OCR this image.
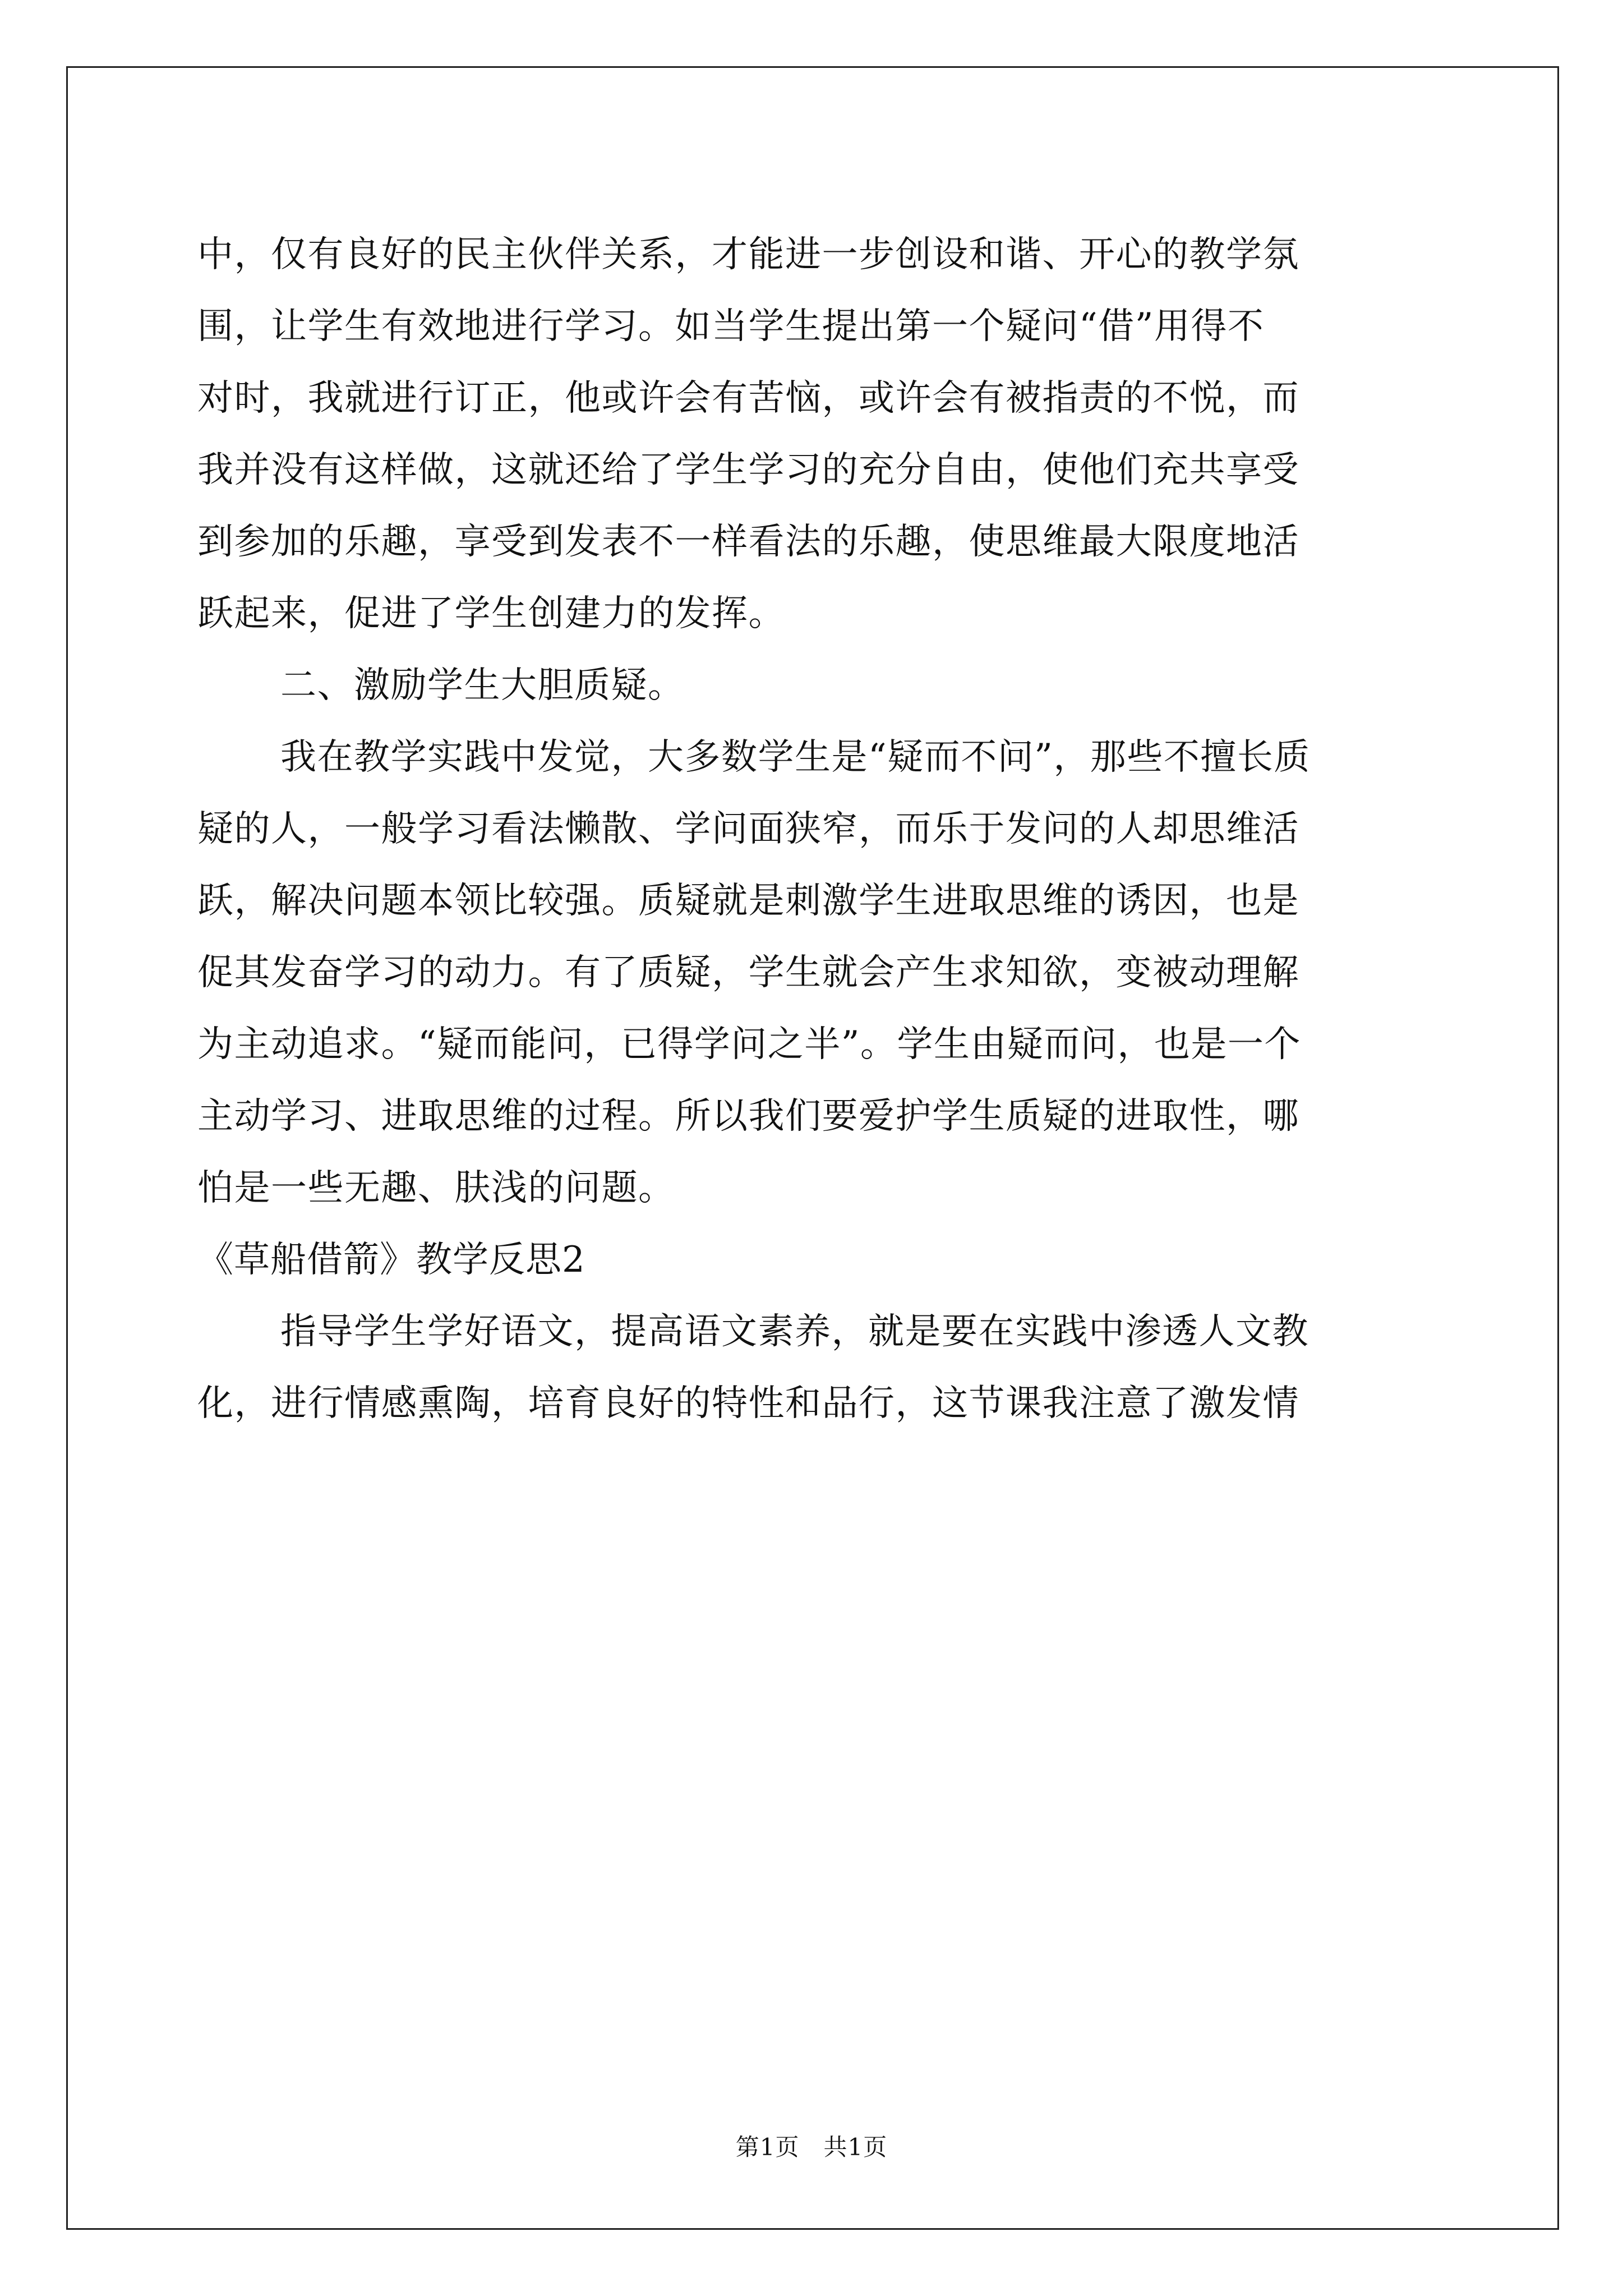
中，仅有良好的民主伙伴关系，才能进一步创设和谐、开心的教学氛
围，让学生有效地进行学习。如当学生提出第一个疑问“借”用得不
对时，我就进行订正，他或许会有苦恼，或许会有被指责的不悦，而
我并没有这样做，这就还给了学生学习的充分自由，使他们充共享受
到参加的乐趣，享受到发表不一样看法的乐趣，使思维最大限度地活
跃起来，促进了学生创建力的发挥。
二、激励学生大胆质疑。
我在教学实践中发觉，大多数学生是“疑而不问”，那些不擅长质
疑的人，一般学习看法懒散、学问面狭窄，而乐于发问的人却思维活
跃，解决问题本领比较强。质疑就是刺激学生进取思维的诱因，也是
促其发奋学习的动力。有了质疑，学生就会产生求知欲，变被动理解
为主动追求。“疑而能问，已得学问之半”。学生由疑而问，也是一个
主动学习、进取思维的过程。所以我们要爱护学生质疑的进取性，哪
怕是一些无趣、肤浅的问题。
《草船借箭》教学反思2
指导学生学好语文，提高语文素养，就是要在实践中渗透人文教
化，进行情感熏陶，培育良好的特性和品行，这节课我注意了激发情
第1页　共1页
